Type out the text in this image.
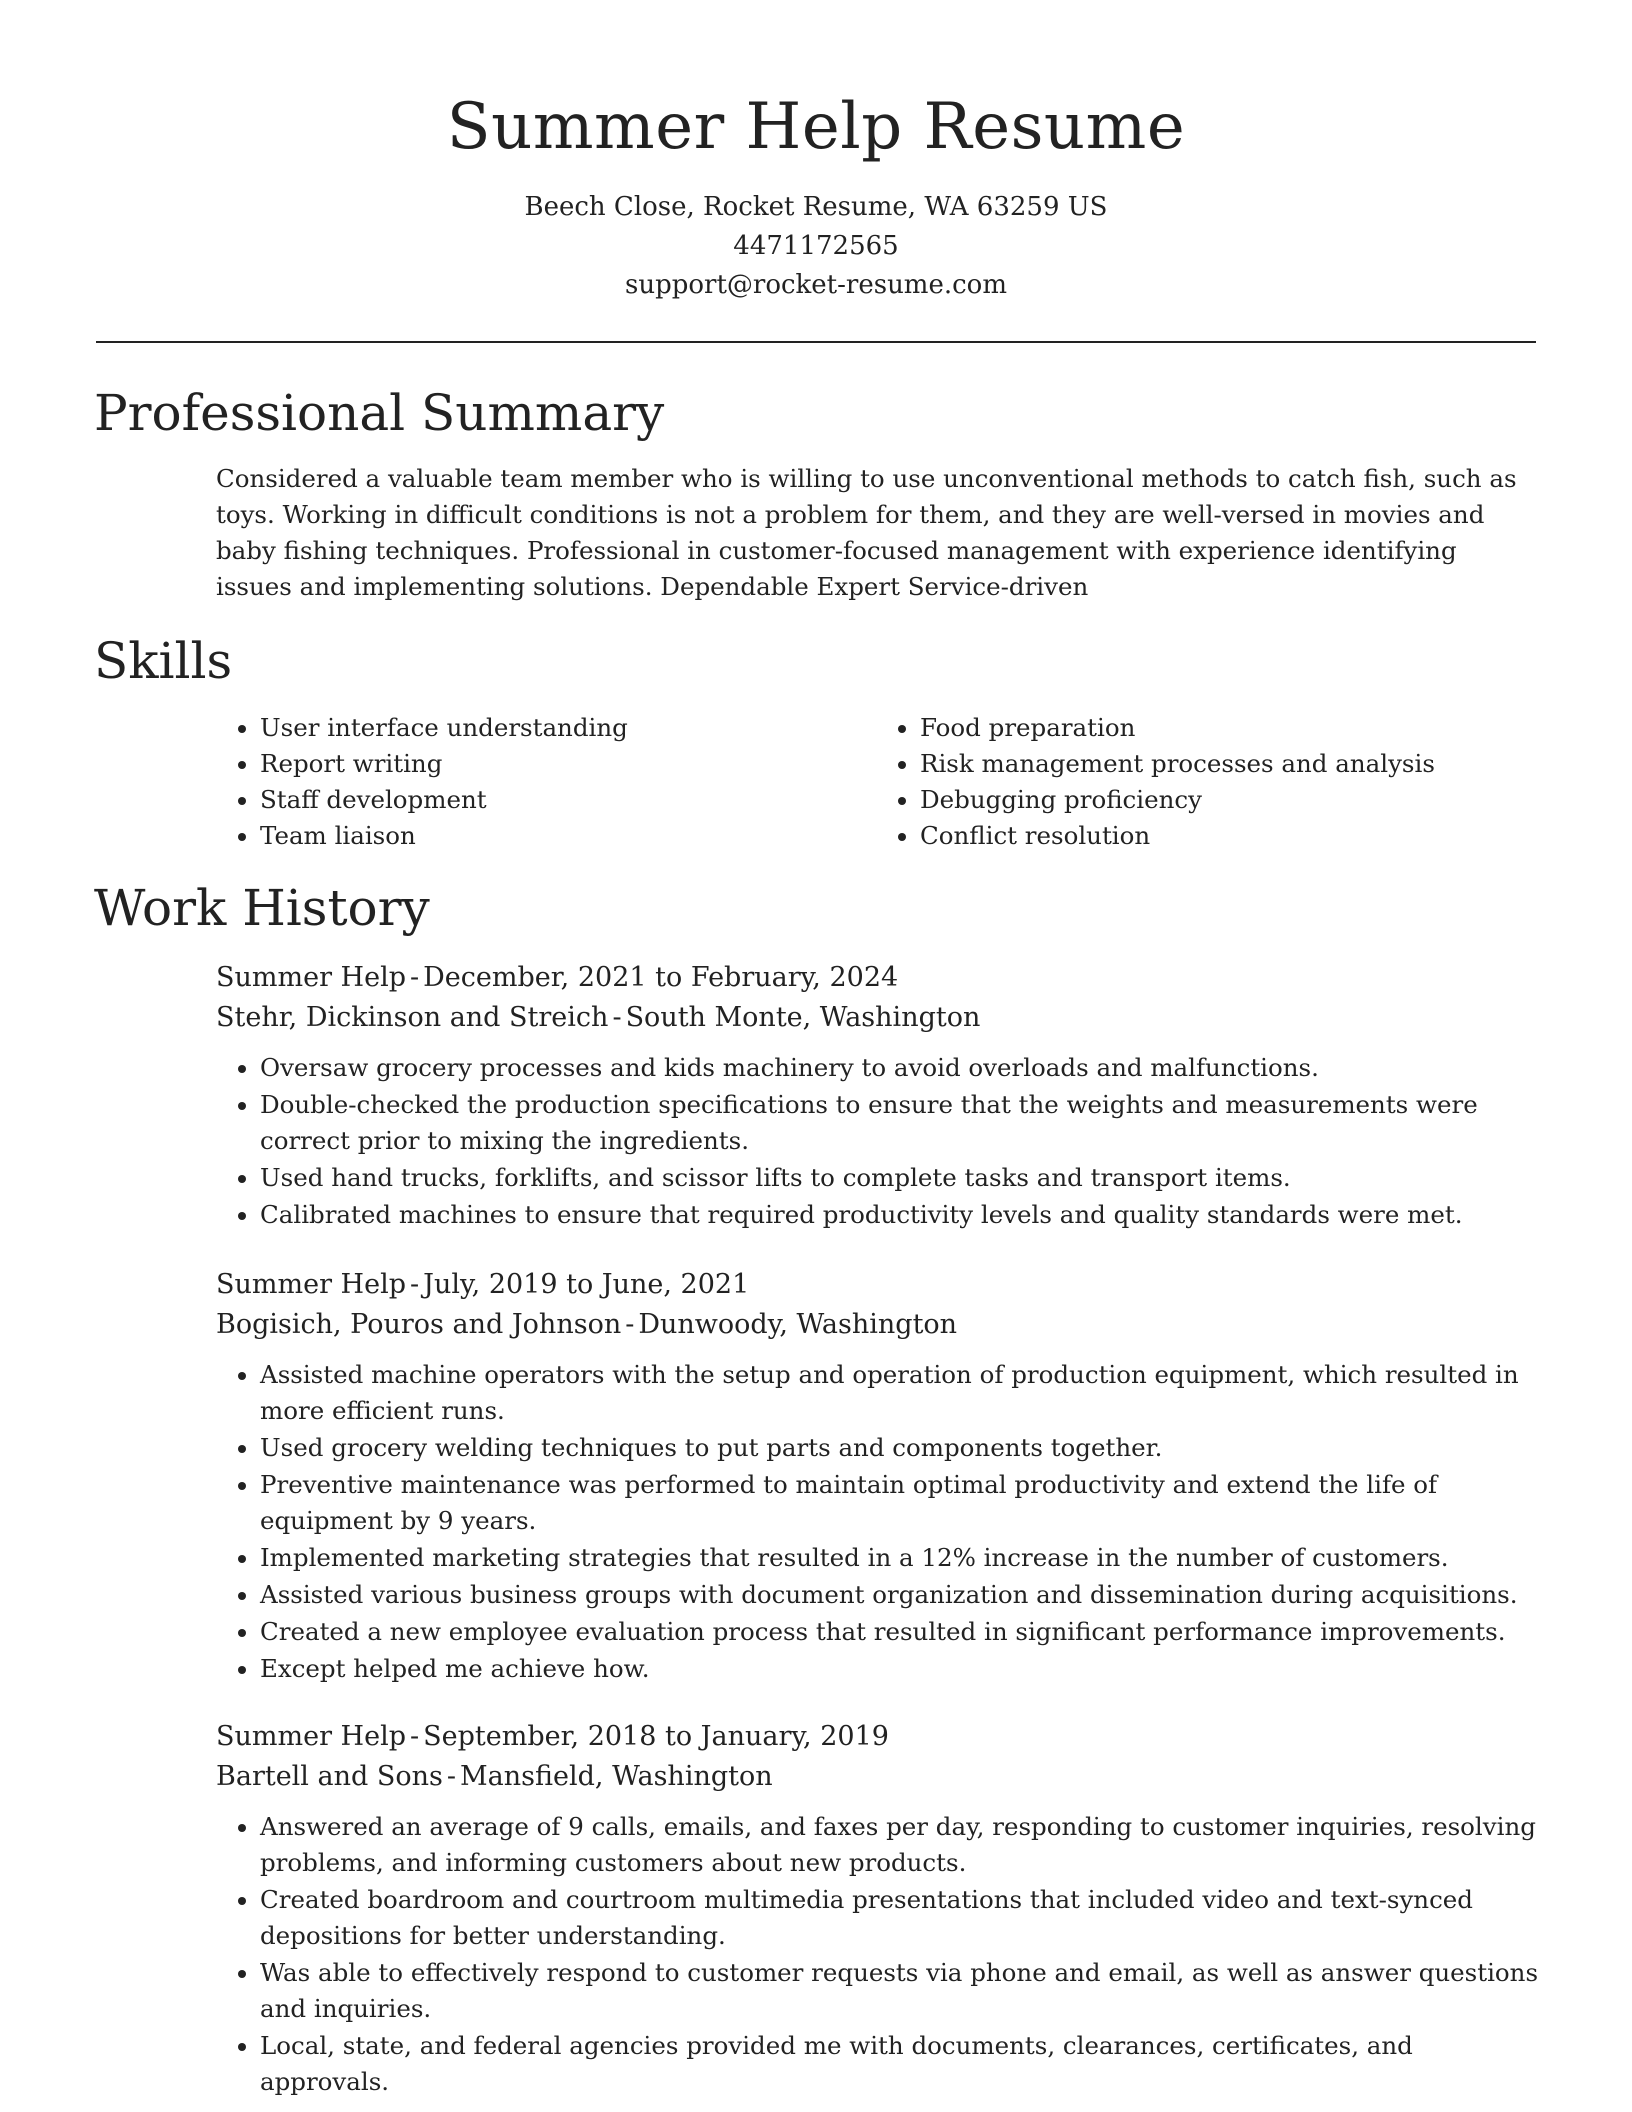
Summer Help Resume
Beech Close, Rocket Resume, WA 63259 US
4471172565
support@rocket-resume.com
Professional Summary

Considered a valuable team member who is willing to use unconventional methods to catch fish, such as toys. Working in difficult conditions is not a problem for them, and they are well-versed in movies and baby fishing techniques. Professional in customer-focused management with experience identifying issues and implementing solutions. Dependable Expert Service-driven

Skills
• User interface understanding
• Report writing
• Staff development
• Team liaison
• Food preparation
• Risk management processes and analysis
• Debugging proficiency
• Conflict resolution
Work History
Summer Help - December, 2021 to February, 2024
Stehr, Dickinson and Streich - South Monte, Washington
• Oversaw grocery processes and kids machinery to avoid overloads and malfunctions.
• Double-checked the production specifications to ensure that the weights and measurements were correct prior to mixing the ingredients.
• Used hand trucks, forklifts, and scissor lifts to complete tasks and transport items.
• Calibrated machines to ensure that required productivity levels and quality standards were met.
Summer Help - July, 2019 to June, 2021
Bogisich, Pouros and Johnson - Dunwoody, Washington
• Assisted machine operators with the setup and operation of production equipment, which resulted in more efficient runs.
• Used grocery welding techniques to put parts and components together.
• Preventive maintenance was performed to maintain optimal productivity and extend the life of equipment by 9 years.
• Implemented marketing strategies that resulted in a 12% increase in the number of customers.
• Assisted various business groups with document organization and dissemination during acquisitions.
• Created a new employee evaluation process that resulted in significant performance improvements.
• Except helped me achieve how.
Summer Help - September, 2018 to January, 2019
Bartell and Sons - Mansfield, Washington
• Answered an average of 9 calls, emails, and faxes per day, responding to customer inquiries, resolving problems, and informing customers about new products.
• Created boardroom and courtroom multimedia presentations that included video and text-synced depositions for better understanding.
• Was able to effectively respond to customer requests via phone and email, as well as answer questions and inquiries.
• Local, state, and federal agencies provided me with documents, clearances, certificates, and approvals.
